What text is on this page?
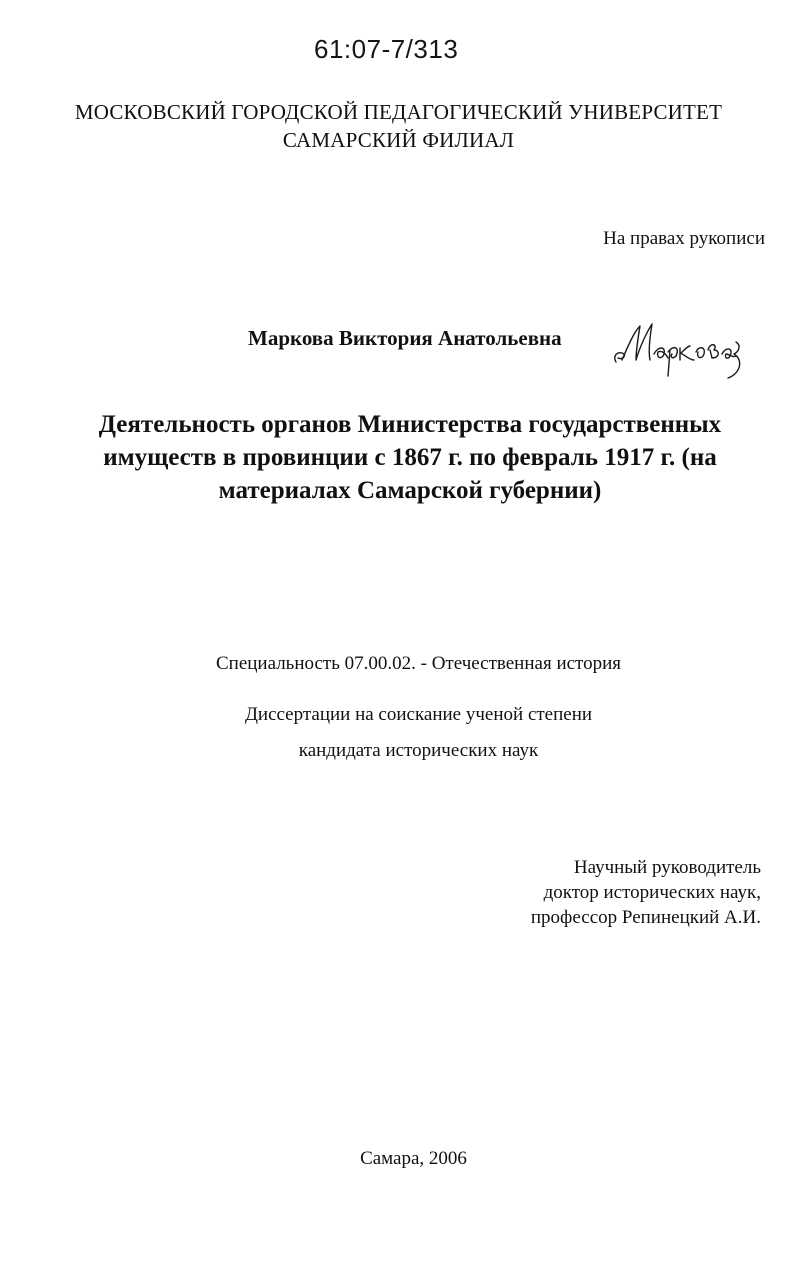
61:07-7/313
МОСКОВСКИЙ ГОРОДСКОЙ ПЕДАГОГИЧЕСКИЙ УНИВЕРСИТЕТ
САМАРСКИЙ ФИЛИАЛ
На правах рукописи
Маркова Виктория Анатольевна
Деятельность органов Министерства государственных
имуществ в провинции с 1867 г. по февраль 1917 г. (на
материалах Самарской губернии)
Специальность 07.00.02. - Отечественная история
Диссертации на соискание ученой степени
кандидата исторических наук
Научный руководитель
доктор исторических наук,
профессор Репинецкий А.И.
Самара, 2006
